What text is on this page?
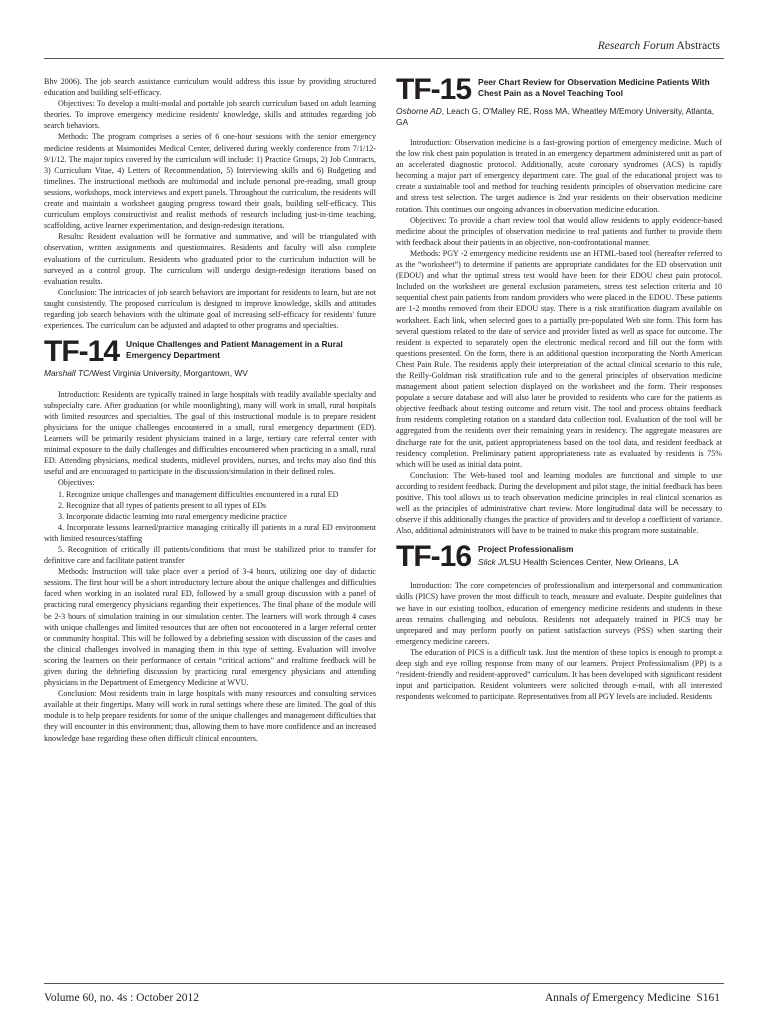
Research Forum Abstracts

Bhv 2006). The job search assistance curriculum would address this issue by providing structured education and building self-efficacy.

Objectives: To develop a multi-modal and portable job search curriculum based on adult learning theories. To improve emergency medicine residents' knowledge, skills and attitudes regarding job search behaviors.

Methods: The program comprises a series of 6 one-hour sessions with the senior emergency medicine residents at Maimonides Medical Center, delivered during weekly conference from 7/1/12-9/1/12. The major topics covered by the curriculum will include: 1) Practice Groups, 2) Job Contracts, 3) Curriculum Vitae, 4) Letters of Recommendation, 5) Interviewing skills and 6) Budgeting and timelines. The instructional methods are multimodal and include personal pre-reading, small group sessions, workshops, mock interviews and expert panels. Throughout the curriculum, the residents will create and maintain a worksheet gauging progress toward their goals, building self-efficacy. This curriculum employs constructivist and realist methods of research including just-in-time teaching, scaffolding, active learner experimentation, and design-redesign iterations.

Results: Resident evaluation will be formative and summative, and will be triangulated with observation, written assignments and questionnaires. Residents and faculty will also complete evaluations of the curriculum. Residents who graduated prior to the curriculum induction will be surveyed as a control group. The curriculum will undergo design-redesign iterations based on evaluation results.

Conclusion: The intricacies of job search behaviors are important for residents to learn, but are not taught consistently. The proposed curriculum is designed to improve knowledge, skills and attitudes regarding job search behaviors with the ultimate goal of increasing self-efficacy for residents' future experiences. The curriculum can be adjusted and adapted to other programs and specialties.

TF-14 Unique Challenges and Patient Management in a Rural Emergency Department
Marshall TC/West Virginia University, Morgantown, WV

Introduction: Residents are typically trained in large hospitals with readily available specialty and subspecialty care. After graduation (or while moonlighting), many will work in small, rural hospitals with limited resources and specialties. The goal of this instructional module is to prepare resident physicians for the unique challenges encountered in a small, rural emergency department (ED). Learners will be primarily resident physicians trained in a large, tertiary care referral center with minimal exposure to the daily challenges and difficulties encountered when practicing in a small, rural ED. Attending physicians, medical students, midlevel providers, nurses, and techs may also find this useful and are encouraged to participate in the discussion/simulation in their defined roles.

Objectives:

1. Recognize unique challenges and management difficulties encountered in a rural ED

2. Recognize that all types of patients present to all types of EDs

3. Incorporate didactic learning into rural emergency medicine practice

4. Incorporate lessons learned/practice managing critically ill patients in a rural ED environment with limited resources/staffing

5. Recognition of critically ill patients/conditions that must be stabilized prior to transfer for definitive care and facilitate patient transfer

Methods: Instruction will take place over a period of 3-4 hours, utilizing one day of didactic sessions. The first hour will be a short introductory lecture about the unique challenges and difficulties faced when working in an isolated rural ED, followed by a small group discussion with a panel of practicing rural emergency physicians regarding their experiences. The final phase of the module will be 2-3 hours of simulation training in our simulation center. The learners will work through 4 cases with unique challenges and limited resources that are often not encountered in a larger referral center or community hospital. This will be followed by a debriefing session with discussion of the cases and the clinical challenges involved in managing them in this type of setting. Evaluation will involve scoring the learners on their performance of certain “critical actions” and realtime feedback will be given during the debriefing discussion by practicing rural emergency physicians and attending physicians in the Department of Emergency Medicine at WVU.

Conclusion: Most residents train in large hospitals with many resources and consulting services available at their fingertips. Many will work in rural settings where these are limited. The goal of this module is to help prepare residents for some of the unique challenges and management difficulties that they will encounter in this environment; thus, allowing them to have more confidence and an increased knowledge base regarding these often difficult clinical encounters.

TF-15 Peer Chart Review for Observation Medicine Patients With Chest Pain as a Novel Teaching Tool
Osborne AD, Leach G, O'Malley RE, Ross MA, Wheatley M/Emory University, Atlanta, GA

Introduction: Observation medicine is a fast-growing portion of emergency medicine. Much of the low risk chest pain population is treated in an emergency department administered unit as part of an accelerated diagnostic protocol. Additionally, acute coronary syndromes (ACS) is rapidly becoming a major part of emergency department care. The goal of the educational project was to create a sustainable tool and method for teaching residents principles of observation medicine care and stress test selection. The target audience is 2nd year residents on their observation medicine rotation. This continues our ongoing advances in observation medicine education.

Objectives: To provide a chart review tool that would allow residents to apply evidence-based medicine about the principles of observation medicine to real patients and further to provide them with feedback about their patients in an objective, non-confrontational manner.

Methods: PGY -2 emergency medicine residents use an HTML-based tool (hereafter referred to as the “worksheet”) to determine if patients are appropriate candidates for the ED observation unit (EDOU) and what the optimal stress test would have been for their EDOU chest pain protocol. Included on the worksheet are general exclusion parameters, stress test selection criteria and 10 sequential chest pain patients from random providers who were placed in the EDOU. These patients are 1-2 months removed from their EDOU stay. There is a risk stratification diagram available on worksheet. Each link, when selected goes to a partially pre-populated Web site form. This form has several questions related to the date of service and provider listed as well as space for outcome. The resident is expected to separately open the electronic medical record and fill out the form with questions presented. On the form, there is an additional question incorporating the North American Chest Pain Rule. The residents apply their interpretation of the actual clinical scenario to this rule, the Reilly-Goldman risk stratification rule and to the general principles of observation medicine management about patient selection displayed on the worksheet and the form. Their responses populate a secure database and will also later be provided to residents who care for the patients as objective feedback about testing outcome and return visit. The tool and process obtains feedback from residents completing rotation on a standard data collection tool. Evaluation of the tool will be aggregated from the residents over their remaining years in residency. The aggregate measures are discharge rate for the unit, patient appropriateness based on the tool data, and resident feedback at residency completion. Preliminary patient appropriateness rate as evaluated by residents is 75% which will be used as initial data point.

Conclusion: The Web-based tool and learning modules are functional and simple to use according to resident feedback. During the development and pilot stage, the initial feedback has been positive. This tool allows us to teach observation medicine principles in real clinical scenarios as well as the principles of administrative chart review. More longitudinal data will be necessary to observe if this additionally changes the practice of providers and to develop a coefficient of variance. Also, additional administrators will have to be trained to make this program more sustainable.

TF-16 Project Professionalism
Slick J/LSU Health Sciences Center, New Orleans, LA

Introduction: The core competencies of professionalism and interpersonal and communication skills (PICS) have proven the most difficult to teach, measure and evaluate. Despite guidelines that we have in our existing toolbox, education of emergency medicine residents and students in these areas remains challenging and nebulous. Residents not adequately trained in PICS may be unprepared and may perform poorly on patient satisfaction surveys (PSS) when starting their emergency medicine careers.

The education of PICS is a difficult task. Just the mention of these topics is enough to prompt a deep sigh and eye rolling response from many of our learners. Project Professionalism (PP) is a “resident-friendly and resident-approved” curriculum. It has been developed with significant resident input and participation. Resident volunteers were solicited through e-mail, with all interested respondents welcomed to participate. Representatives from all PGY levels are included. Residents

Volume 60, no. 4s : October 2012	Annals of Emergency Medicine S161
